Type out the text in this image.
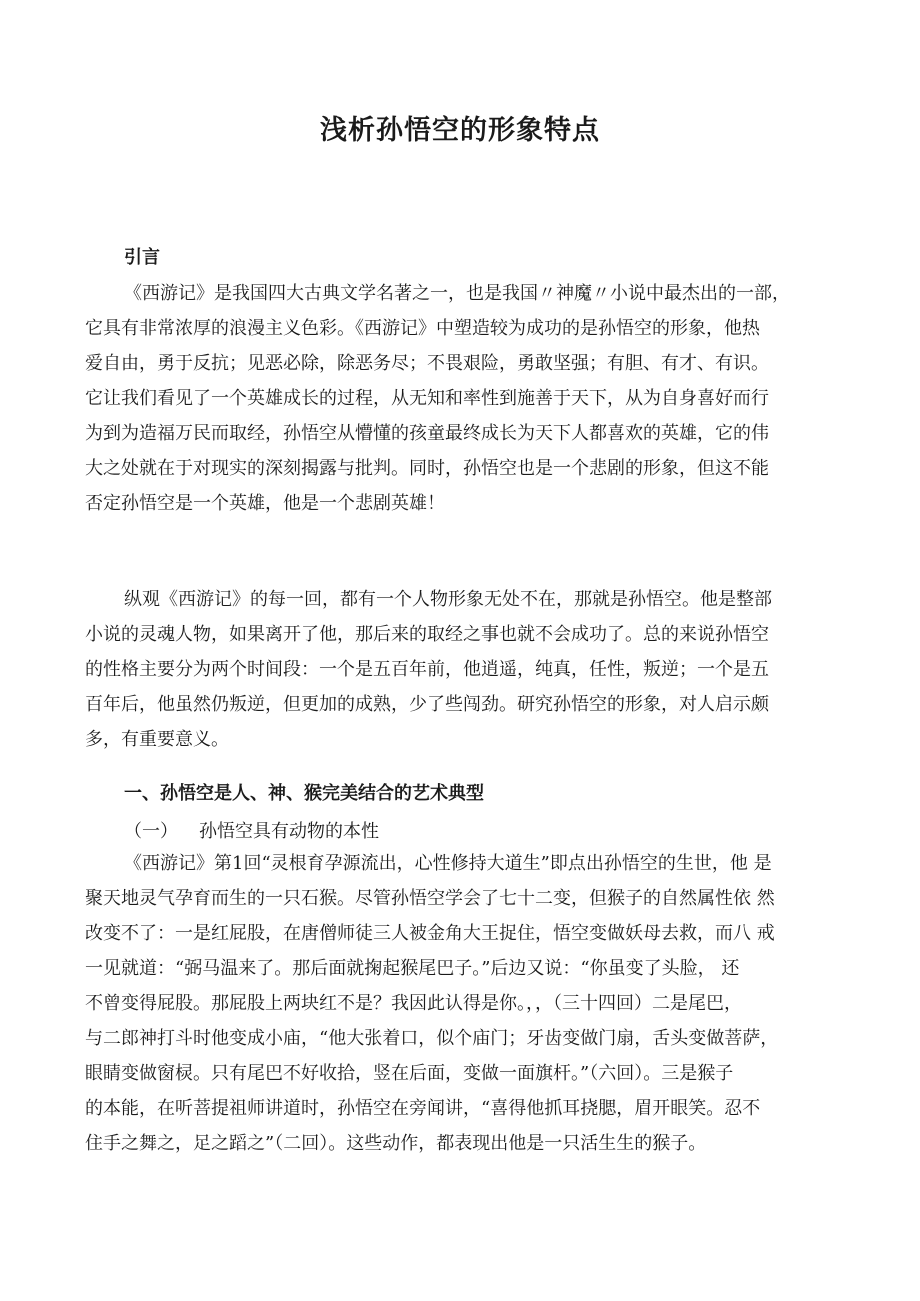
浅析孙悟空的形象特点

引言

《西游记》是我国四大古典文学名著之一，也是我国〃神魔〃小说中最杰出的一部，
它具有非常浓厚的浪漫主义色彩。《西游记》中塑造较为成功的是孙悟空的形象，他热
爱自由，勇于反抗；见恶必除，除恶务尽；不畏艰险，勇敢坚强；有胆、有才、有识。
它让我们看见了一个英雄成长的过程，从无知和率性到施善于天下，从为自身喜好而行
为到为造福万民而取经，孙悟空从懵懂的孩童最终成长为天下人都喜欢的英雄，它的伟
大之处就在于对现实的深刻揭露与批判。同时，孙悟空也是一个悲剧的形象，但这不能
否定孙悟空是一个英雄，他是一个悲剧英雄！

纵观《西游记》的每一回，都有一个人物形象无处不在，那就是孙悟空。他是整部
小说的灵魂人物，如果离开了他，那后来的取经之事也就不会成功了。总的来说孙悟空
的性格主要分为两个时间段：一个是五百年前，他逍遥，纯真，任性，叛逆；一个是五
百年后，他虽然仍叛逆，但更加的成熟，少了些闯劲。研究孙悟空的形象，对人启示颇
多，有重要意义。

一、孙悟空是人、神、猴完美结合的艺术典型

（一） 孙悟空具有动物的本性

《西游记》第1回“灵根育孕源流出，心性修持大道生”即点出孙悟空的生世，他 是
聚天地灵气孕育而生的一只石猴。尽管孙悟空学会了七十二变，但猴子的自然属性依 然
改变不了：一是红屁股，在唐僧师徒三人被金角大王捉住，悟空变做妖母去救，而八 戒
一见就道：“弼马温来了。那后面就掬起猴尾巴子。”后边又说：“你虽变了头脸， 还
不曾变得屁股。那屁股上两块红不是？我因此认得是你。，，（三十四回）二是尾巴，
与二郎神打斗时他变成小庙，“他大张着口，似个庙门；牙齿变做门扇，舌头变做菩萨，
眼睛变做窗棂。只有尾巴不好收拾，竖在后面，变做一面旗杆。”（六回）。三是猴子
的本能，在听菩提祖师讲道时，孙悟空在旁闻讲，“喜得他抓耳挠腮，眉开眼笑。忍不
住手之舞之，足之蹈之”（二回）。这些动作，都表现出他是一只活生生的猴子。
